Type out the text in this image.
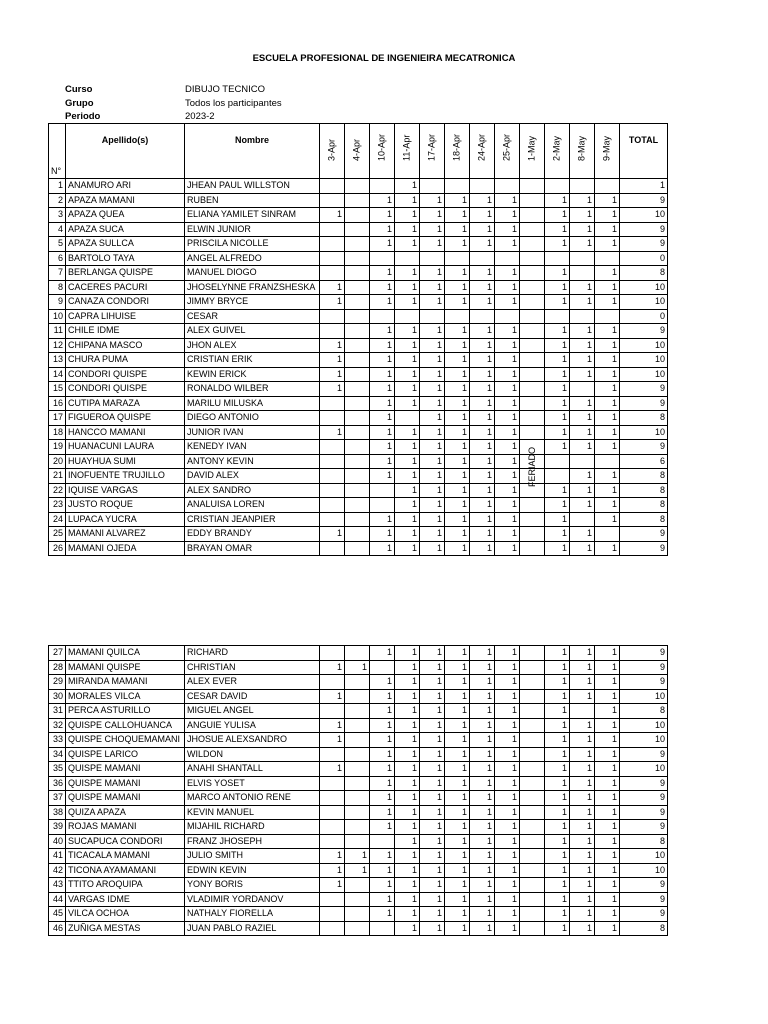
ESCUELA PROFESIONAL DE INGENIEIRA MECATRONICA
Curso	DIBUJO TECNICO
Grupo	Todos los participantes
Periodo	2023-2
N°	Apellido(s)	Nombre	3-Apr	4-Apr	10-Apr	11-Apr	17-Apr	18-Apr	24-Apr	25-Apr	1-May	2-May	8-May	9-May	TOTAL
1	ANAMURO ARI	JHEAN PAUL WILLSTON				1									1
2	APAZA MAMANI	RUBEN			1	1	1	1	1	1		1	1	1	9
3	APAZA QUEA	ELIANA YAMILET SINRAM	1		1	1	1	1	1	1		1	1	1	10
4	APAZA SUCA	ELWIN JUNIOR			1	1	1	1	1	1		1	1	1	9
5	APAZA SULLCA	PRISCILA NICOLLE			1	1	1	1	1	1		1	1	1	9
6	BARTOLO TAYA	ANGEL ALFREDO													0
7	BERLANGA QUISPE	MANUEL DIOGO			1	1	1	1	1	1		1		1	8
8	CACERES PACURI	JHOSELYNNE FRANZSHESKA	1		1	1	1	1	1	1		1	1	1	10
9	CANAZA CONDORI	JIMMY BRYCE	1		1	1	1	1	1	1		1	1	1	10
10	CAPRA LIHUISE	CESAR													0
11	CHILE IDME	ALEX GUIVEL			1	1	1	1	1	1		1	1	1	9
12	CHIPANA MASCO	JHON ALEX	1		1	1	1	1	1	1		1	1	1	10
13	CHURA PUMA	CRISTIAN ERIK	1		1	1	1	1	1	1		1	1	1	10
14	CONDORI QUISPE	KEWIN ERICK	1		1	1	1	1	1	1		1	1	1	10
15	CONDORI QUISPE	RONALDO WILBER	1		1	1	1	1	1	1		1		1	9
16	CUTIPA MARAZA	MARILU MILUSKA			1	1	1	1	1	1		1	1	1	9
17	FIGUEROA QUISPE	DIEGO ANTONIO			1		1	1	1	1		1	1	1	8
18	HANCCO MAMANI	JUNIOR IVAN	1		1	1	1	1	1	1		1	1	1	10
19	HUANACUNI LAURA	KENEDY IVAN			1	1	1	1	1	1		1	1	1	9
20	HUAYHUA SUMI	ANTONY KEVIN			1	1	1	1	1	1					6
21	INOFUENTE TRUJILLO	DAVID ALEX			1	1	1	1	1	1			1	1	8
22	IQUISE VARGAS	ALEX SANDRO				1	1	1	1	1		1	1	1	8
23	JUSTO ROQUE	ANALUISA LOREN				1	1	1	1	1		1	1	1	8
24	LUPACA YUCRA	CRISTIAN JEANPIER			1	1	1	1	1	1		1		1	8
25	MAMANI ALVAREZ	EDDY BRANDY	1		1	1	1	1	1	1		1	1		9
26	MAMANI OJEDA	BRAYAN OMAR			1	1	1	1	1	1		1	1	1	9
FERIADO
27	MAMANI QUILCA	RICHARD			1	1	1	1	1	1		1	1	1	9
28	MAMANI QUISPE	CHRISTIAN	1	1		1	1	1	1	1		1	1	1	9
29	MIRANDA MAMANI	ALEX EVER			1	1	1	1	1	1		1	1	1	9
30	MORALES VILCA	CESAR DAVID	1		1	1	1	1	1	1		1	1	1	10
31	PERCA ASTURILLO	MIGUEL ANGEL			1	1	1	1	1	1		1		1	8
32	QUISPE CALLOHUANCA	ANGUIE YULISA	1		1	1	1	1	1	1		1	1	1	10
33	QUISPE CHOQUEMAMANI	JHOSUE ALEXSANDRO	1		1	1	1	1	1	1		1	1	1	10
34	QUISPE LARICO	WILDON			1	1	1	1	1	1		1	1	1	9
35	QUISPE MAMANI	ANAHI SHANTALL	1		1	1	1	1	1	1		1	1	1	10
36	QUISPE MAMANI	ELVIS YOSET			1	1	1	1	1	1		1	1	1	9
37	QUISPE MAMANI	MARCO ANTONIO RENE			1	1	1	1	1	1		1	1	1	9
38	QUIZA APAZA	KEVIN MANUEL			1	1	1	1	1	1		1	1	1	9
39	ROJAS MAMANI	MIJAHIL RICHARD			1	1	1	1	1	1		1	1	1	9
40	SUCAPUCA CONDORI	FRANZ JHOSEPH				1	1	1	1	1		1	1	1	8
41	TICACALA MAMANI	JULIO SMITH	1	1	1	1	1	1	1	1		1	1	1	10
42	TICONA AYAMAMANI	EDWIN KEVIN	1	1	1	1	1	1	1	1		1	1	1	10
43	TTITO AROQUIPA	YONY BORIS	1		1	1	1	1	1	1		1	1	1	9
44	VARGAS IDME	VLADIMIR YORDANOV			1	1	1	1	1	1		1	1	1	9
45	VILCA OCHOA	NATHALY FIORELLA			1	1	1	1	1	1		1	1	1	9
46	ZUÑIGA MESTAS	JUAN PABLO RAZIEL				1	1	1	1	1		1	1	1	8
